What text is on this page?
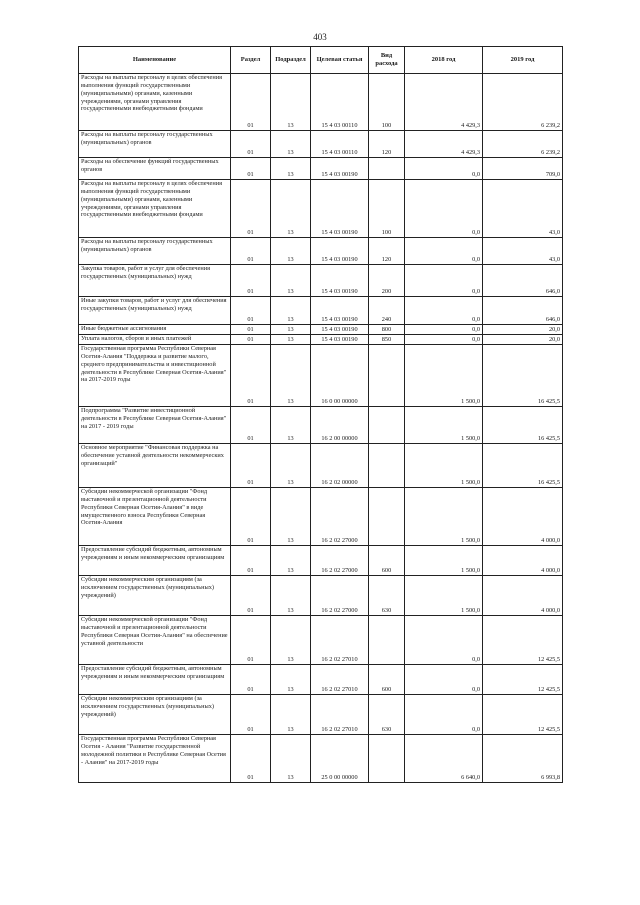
403
Наименование	Раздел	Подраздел	Целевая статья	Вид расхода	2018 год	2019 год
Расходы на выплаты персоналу в целях обеспечения выполнения функций государственными (муниципальными) органами, казенными учреждениями, органами управления государственными внебюджетными фондами	01	13	15 4 03 00110	100	4 429,3	6 239,2
Расходы на выплаты персоналу государственных (муниципальных) органов	01	13	15 4 03 00110	120	4 429,3	6 239,2
Расходы на обеспечение функций государственных органов	01	13	15 4 03 00190		0,0	709,0
Расходы на выплаты персоналу в целях обеспечения выполнения функций государственными (муниципальными) органами, казенными учреждениями, органами управления государственными внебюджетными фондами	01	13	15 4 03 00190	100	0,0	43,0
Расходы на выплаты персоналу государственных (муниципальных) органов	01	13	15 4 03 00190	120	0,0	43,0
Закупка товаров, работ и услуг для обеспечения государственных (муниципальных) нужд	01	13	15 4 03 00190	200	0,0	646,0
Иные закупки товаров, работ и услуг для обеспечения государственных (муниципальных) нужд	01	13	15 4 03 00190	240	0,0	646,0
Иные бюджетные ассигнования	01	13	15 4 03 00190	800	0,0	20,0
Уплата налогов, сборов и иных платежей	01	13	15 4 03 00190	850	0,0	20,0
Государственная программа Республики Северная Осетия-Алания "Поддержка и развитие малого, среднего предпринимательства и инвестиционной деятельности в Республике Северная Осетия-Алания" на 2017-2019 годы	01	13	16 0 00 00000		1 500,0	16 425,5
Подпрограмма "Развитие инвестиционной деятельности в Республике Северная Осетия-Алания" на 2017 - 2019 годы	01	13	16 2 00 00000		1 500,0	16 425,5
Основное мероприятие "Финансовая поддержка на обеспечение уставной деятельности некоммерческих организаций"	01	13	16 2 02 00000		1 500,0	16 425,5
Субсидии некоммерческой организации "Фонд выставочной и презентационной деятельности Республики Северная Осетия-Алания" в виде имущественного взноса Республики Северная Осетия-Алания	01	13	16 2 02 27000		1 500,0	4 000,0
Предоставление субсидий бюджетным, автономным учреждениям и иным некоммерческим организациям	01	13	16 2 02 27000	600	1 500,0	4 000,0
Субсидии некоммерческим организациям (за исключением государственных (муниципальных) учреждений)	01	13	16 2 02 27000	630	1 500,0	4 000,0
Субсидии некоммерческой организации "Фонд выставочной и презентационной деятельности Республики Северная Осетия-Алания" на обеспечение уставной деятельности	01	13	16 2 02 27010		0,0	12 425,5
Предоставление субсидий бюджетным, автономным учреждениям и иным некоммерческим организациям	01	13	16 2 02 27010	600	0,0	12 425,5
Субсидии некоммерческим организациям (за исключением государственных (муниципальных) учреждений)	01	13	16 2 02 27010	630	0,0	12 425,5
Государственная программа Республики Северная Осетия - Алания "Развитие государственной молодежной политики в Республике Северная Осетия - Алания" на 2017-2019 годы	01	13	25 0 00 00000		6 640,0	6 993,8
